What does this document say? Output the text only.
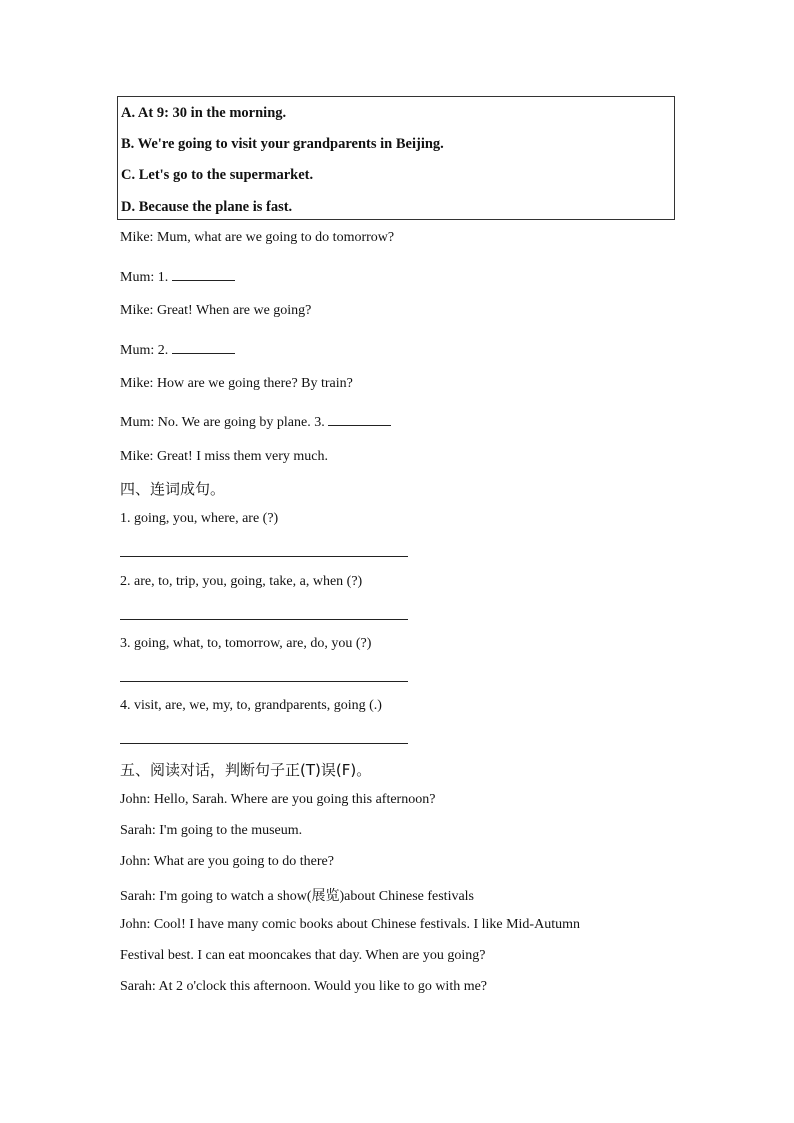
A. At 9: 30 in the morning.
B. We're going to visit your grandparents in Beijing.
C. Let's go to the supermarket.
D. Because the plane is fast.
Mike: Mum, what are we going to do tomorrow?
Mum: 1.
Mike: Great! When are we going?
Mum: 2.
Mike: How are we going there? By train?
Mum: No. We are going by plane. 3.
Mike: Great! I miss them very much.
四、连词成句。
1. going, you, where, are (?)
2. are, to, trip, you, going, take, a, when (?)
3. going, what, to, tomorrow, are, do, you (?)
4. visit, are, we, my, to, grandparents, going (.)
五、阅读对话，判断句子正(T)误(F)。
John: Hello, Sarah. Where are you going this afternoon?
Sarah: I'm going to the museum.
John: What are you going to do there?
Sarah: I'm going to watch a show(展览)about Chinese festivals
John: Cool! I have many comic books about Chinese festivals. I like Mid-Autumn
Festival best. I can eat mooncakes that day. When are you going?
Sarah: At 2 o'clock this afternoon. Would you like to go with me?
